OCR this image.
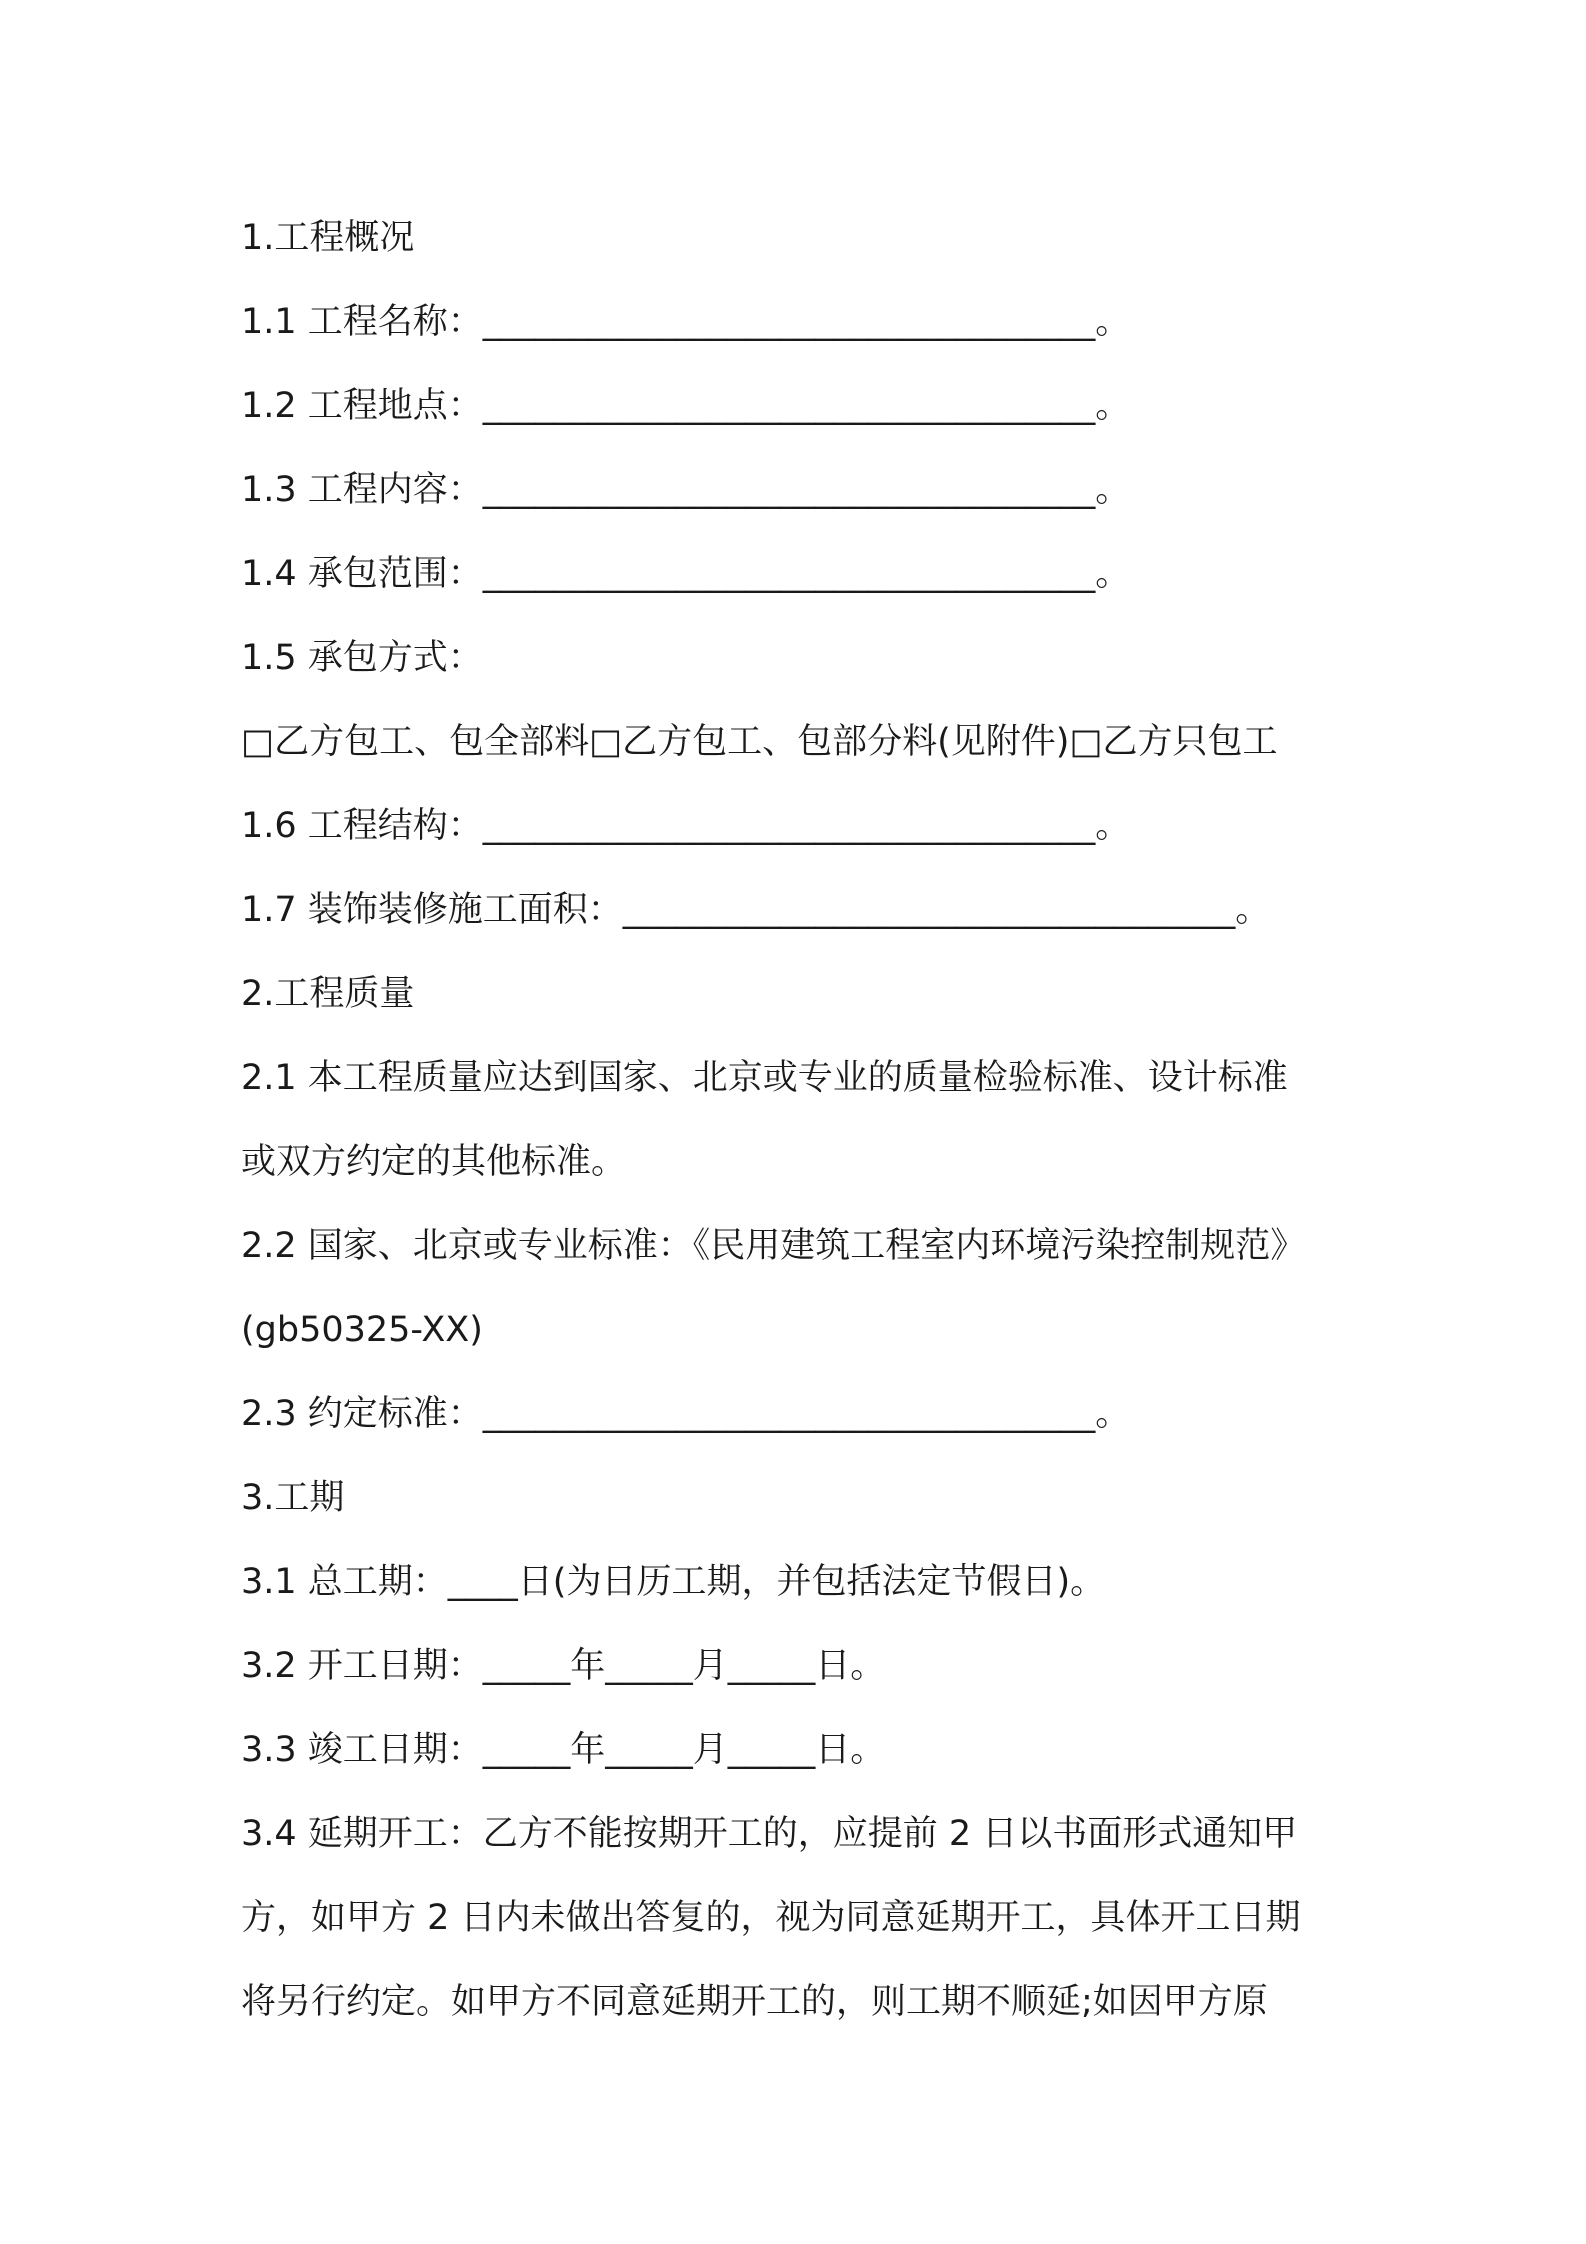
1.工程概况
1.1 工程名称：___________________________________。
1.2 工程地点：___________________________________。
1.3 工程内容：___________________________________。
1.4 承包范围：___________________________________。
1.5 承包方式：
□乙方包工、包全部料□乙方包工、包部分料(见附件)□乙方只包工
1.6 工程结构：___________________________________。
1.7 装饰装修施工面积：___________________________________。
2.工程质量
2.1 本工程质量应达到国家、北京或专业的质量检验标准、设计标准
或双方约定的其他标准。
2.2 国家、北京或专业标准：《民用建筑工程室内环境污染控制规范》
(gb50325-XX)
2.3 约定标准：___________________________________。
3.工期
3.1 总工期：____日(为日历工期，并包括法定节假日)。
3.2 开工日期：_____年_____月_____日。
3.3 竣工日期：_____年_____月_____日。
3.4 延期开工：乙方不能按期开工的，应提前 2 日以书面形式通知甲
方，如甲方 2 日内未做出答复的，视为同意延期开工，具体开工日期
将另行约定。如甲方不同意延期开工的，则工期不顺延;如因甲方原
